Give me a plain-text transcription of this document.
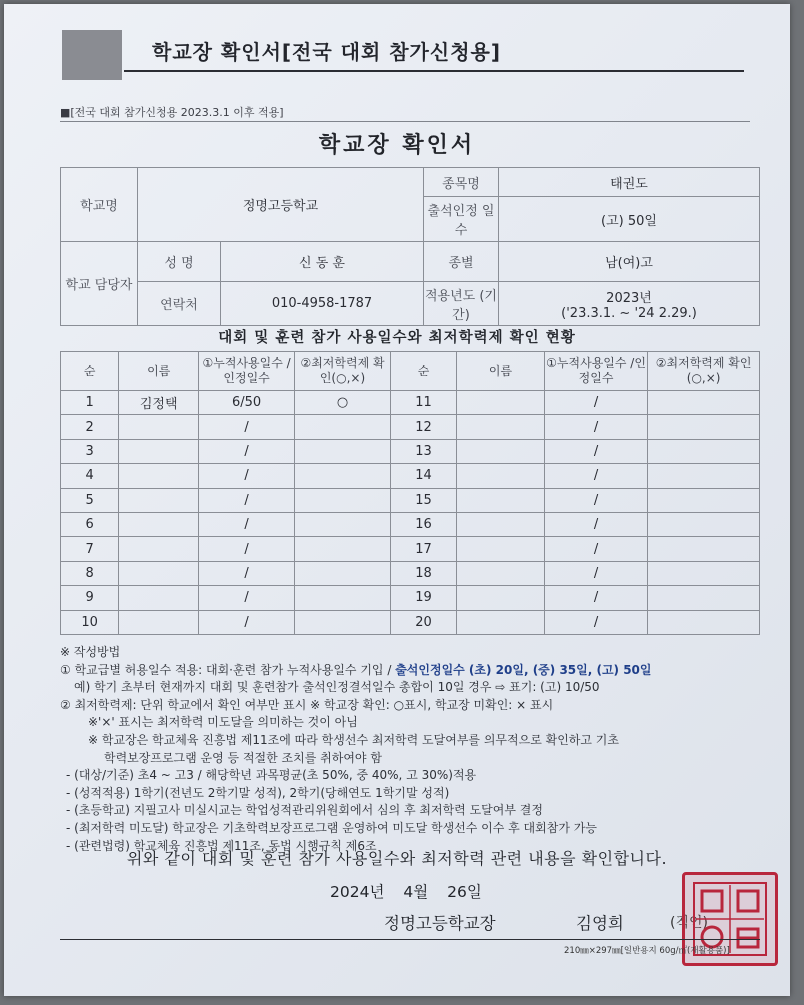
학교장 확인서[전국 대회 참가신청용]
■[전국 대회 참가신청용 2023.3.1 이후 적용]
학교장 확인서
학교명	정명고등학교		종목명	태권도
			출석인정 일수	(고) 50일
학교 담당자	성 명	신 동 훈	종별	남(여)고
	연락처	010-4958-1787	적용년도 (기간)	2023년
('23.3.1. ~ '24 2.29.)
대회 및 훈련 참가 사용일수와 최저학력제 확인 현황
순	이름	①누적사용일수 /인정일수	②최저학력제 확인(○,×)	순	이름	①누적사용일수 /인정일수	②최저학력제 확인(○,×)
1	김정택	6/50	○	11		/	
2		/		12		/	
3		/		13		/	
4		/		14		/	
5		/		15		/	
6		/		16		/	
7		/		17		/	
8		/		18		/	
9		/		19		/	
10		/		20		/	
※ 작성방법
① 학교급별 허용일수 적용: 대회·훈련 참가 누적사용일수 기입 / 출석인정일수 (초) 20일, (중) 35일, (고) 50일
예) 학기 초부터 현재까지 대회 및 훈련참가 출석인정결석일수 총합이 10일 경우 ⇨ 표기: (고) 10/50
② 최저학력제: 단위 학교에서 확인 여부만 표시 ※ 학교장 확인: ○표시, 학교장 미확인: × 표시
※'×' 표시는 최저학력 미도달을 의미하는 것이 아님
※ 학교장은 학교체육 진흥법 제11조에 따라 학생선수 최저학력 도달여부를 의무적으로 확인하고 기초
학력보장프로그램 운영 등 적절한 조치를 취하여야 함
- (대상/기준) 초4 ~ 고3 / 해당학년 과목평균(초 50%, 중 40%, 고 30%)적용
- (성적적용) 1학기(전년도 2학기말 성적), 2학기(당해연도 1학기말 성적)
- (초등학교) 지필고사 미실시교는 학업성적관리위원회에서 심의 후 최저학력 도달여부 결정
- (최저학력 미도달) 학교장은 기초학력보장프로그램 운영하여 미도달 학생선수 이수 후 대회참가 가능
- (관련법령) 학교체육 진흥법 제11조, 동법 시행규칙 제6조
위와 같이 대회 및 훈련 참가 사용일수와 최저학력 관련 내용을 확인합니다.
2024년 4월 26일
정명고등학교장	김영희	(직인)
210㎜×297㎜[일반용지 60g/㎡(재활용품)]
